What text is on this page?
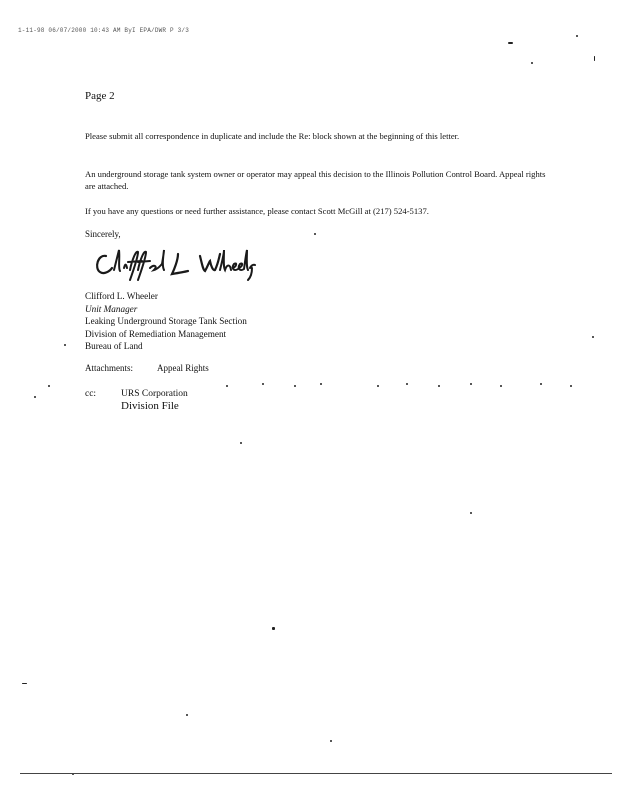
1-11-98 06/07/2000 10:43 AM ByI EPA/DWR P 3/3
Page 2
Please submit all correspondence in duplicate and include the Re: block shown at the beginning of this letter.
An underground storage tank system owner or operator may appeal this decision to the Illinois Pollution Control Board. Appeal rights are attached.
If you have any questions or need further assistance, please contact Scott McGill at (217) 524-5137.
Sincerely,
Clifford L. Wheeler
Unit Manager
Leaking Underground Storage Tank Section
Division of Remediation Management
Bureau of Land
Attachments:	Appeal Rights
cc:	URS Corporation
Division File
